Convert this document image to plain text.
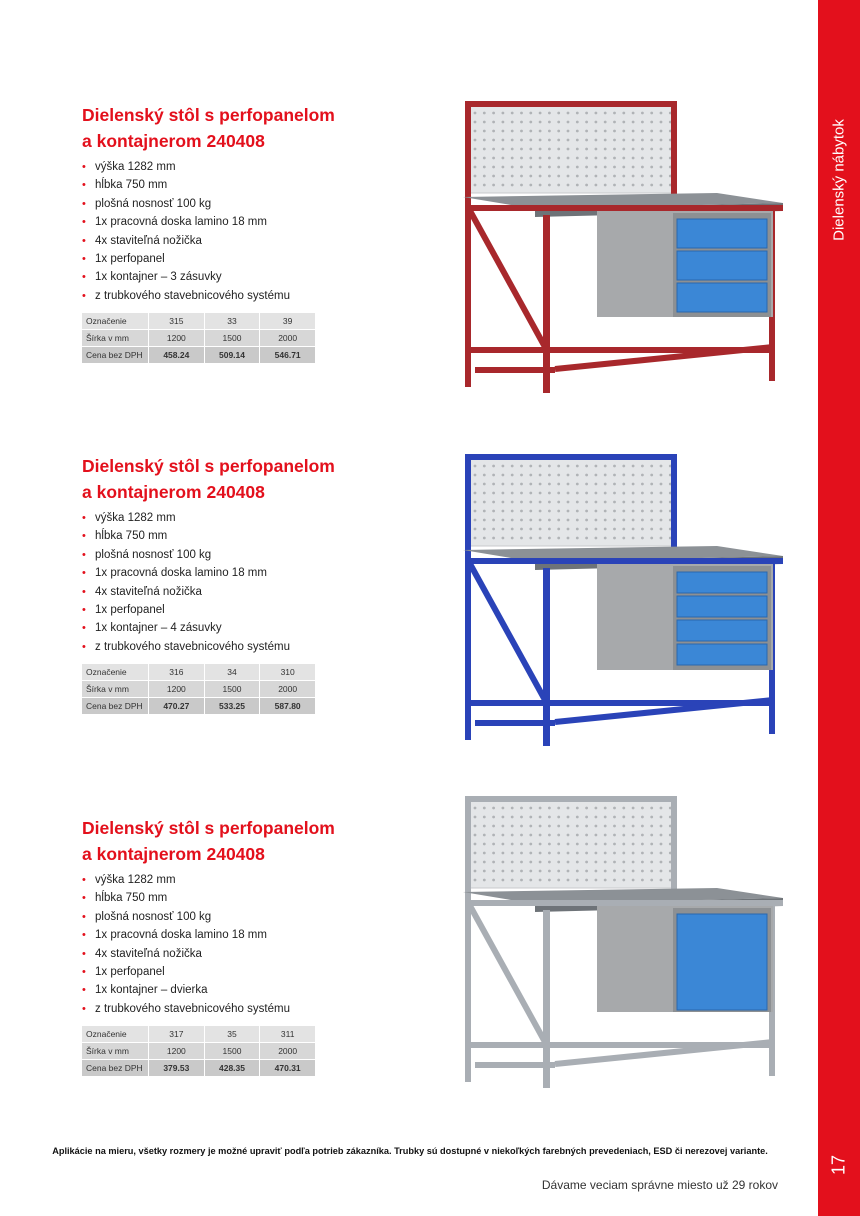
Dielenský nábytok
17
Dielenský stôl s perfopanelom
a kontajnerom 240408
• výška 1282 mm
• hĺbka 750 mm
• plošná nosnosť 100 kg
• 1x pracovná doska lamino 18 mm
• 4x staviteľná nožička
• 1x perfopanel
• 1x kontajner – 3 zásuvky
• z trubkového stavebnicového systému
Označenie	315	33	39
Šírka v mm	1200	1500	2000
Cena bez DPH	458.24	509.14	546.71
Dielenský stôl s perfopanelom
a kontajnerom 240408
• výška 1282 mm
• hĺbka 750 mm
• plošná nosnosť 100 kg
• 1x pracovná doska lamino 18 mm
• 4x staviteľná nožička
• 1x perfopanel
• 1x kontajner – 4 zásuvky
• z trubkového stavebnicového systému
Označenie	316	34	310
Šírka v mm	1200	1500	2000
Cena bez DPH	470.27	533.25	587.80
Dielenský stôl s perfopanelom
a kontajnerom 240408
• výška 1282 mm
• hĺbka 750 mm
• plošná nosnosť 100 kg
• 1x pracovná doska lamino 18 mm
• 4x staviteľná nožička
• 1x perfopanel
• 1x kontajner – dvierka
• z trubkového stavebnicového systému
Označenie	317	35	311
Šírka v mm	1200	1500	2000
Cena bez DPH	379.53	428.35	470.31
Aplikácie na mieru, všetky rozmery je možné upraviť podľa potrieb zákazníka. Trubky sú dostupné v niekoľkých farebných prevedeniach, ESD či nerezovej variante.
Dávame veciam správne miesto už 29 rokov
